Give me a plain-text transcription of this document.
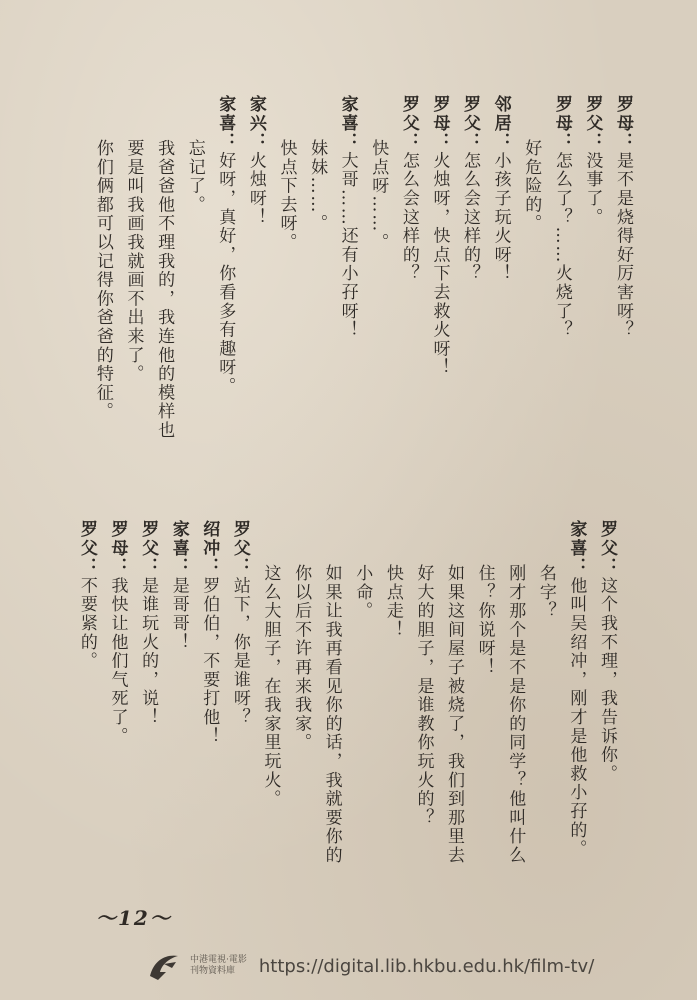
罗母：是不是烧得好厉害呀？
罗父：没事了。
罗母：怎么了？……火烧了？
好危险的。
邻居：小孩子玩火呀！
罗父：怎么会这样的？
罗母：火烛呀，快点下去救火呀！
罗父：怎么会这样的？
快点呀……。
家喜：大哥……还有小孖呀！
妹妹……。
快点下去呀。
家兴：火烛呀！
家喜：好呀，真好，你看多有趣呀。
忘记了。
我爸爸他不理我的，我连他的模样也
要是叫我画我就画不出来了。
你们俩都可以记得你爸爸的特征。
罗父：这个我不理，我告诉你。
家喜：他叫吴绍冲，刚才是他救小孖的。
名字？
刚才那个是不是你的同学？他叫什么
住？你说呀！
如果这间屋子被烧了，我们到那里去
好大的胆子，是谁教你玩火的？
快点走！
小命。
如果让我再看见你的话，我就要你的
你以后不许再来我家。
这么大胆子，在我家里玩火。
罗父：站下，你是谁呀？
绍冲：罗伯伯，不要打他！
家喜：是哥哥！
罗父：是谁玩火的，说！
罗母：我快让他们气死了。
罗父：不要紧的。
～12～
中港電視·電影
刊物資料庫	https://digital.lib.hkbu.edu.hk/film-tv/
